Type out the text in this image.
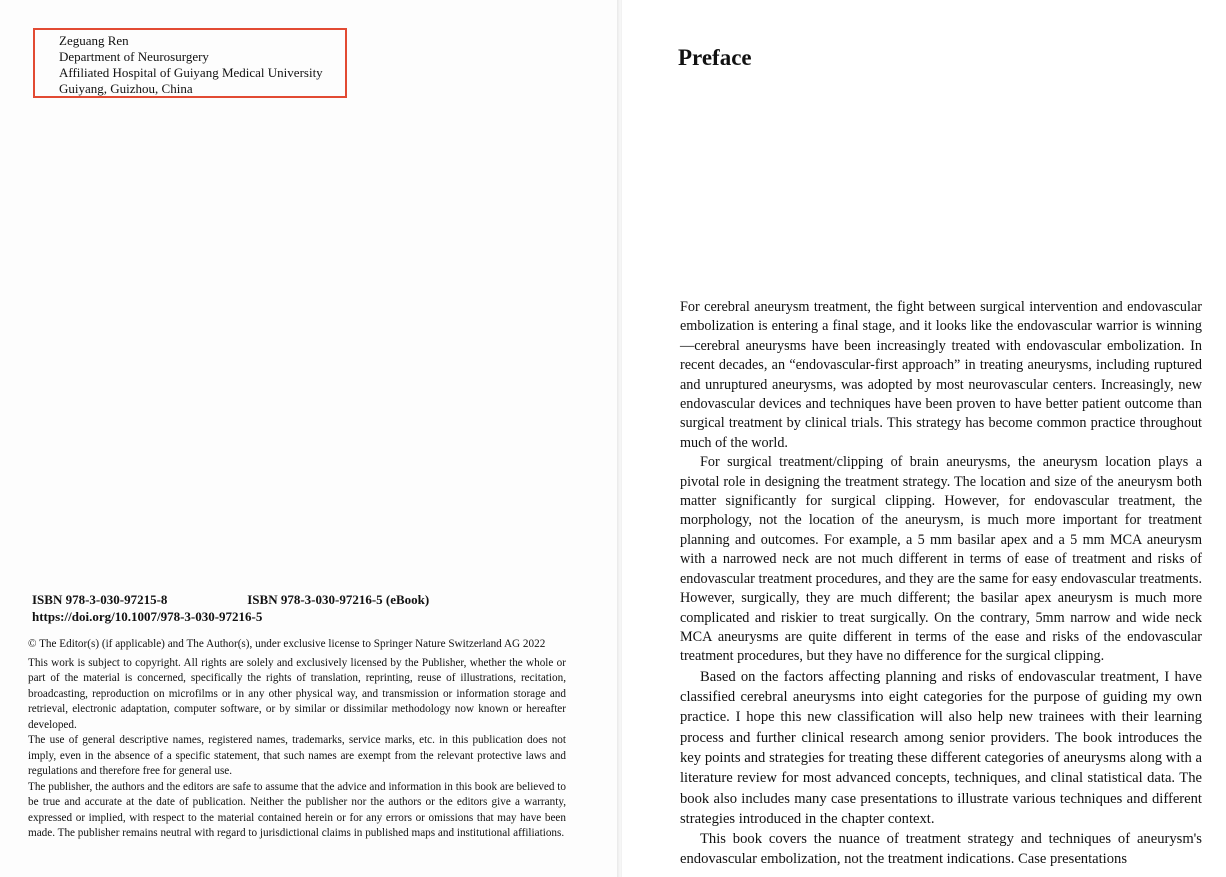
Zeguang Ren
Department of Neurosurgery
Affiliated Hospital of Guiyang Medical University
Guiyang, Guizhou, China
ISBN 978-3-030-97215-8	ISBN 978-3-030-97216-5 (eBook)
https://doi.org/10.1007/978-3-030-97216-5

© The Editor(s) (if applicable) and The Author(s), under exclusive license to Springer Nature Switzerland AG 2022

This work is subject to copyright. All rights are solely and exclusively licensed by the Publisher, whether the whole or part of the material is concerned, specifically the rights of translation, reprinting, reuse of illustrations, recitation, broadcasting, reproduction on microfilms or in any other physical way, and transmission or information storage and retrieval, electronic adaptation, computer software, or by similar or dissimilar methodology now known or hereafter developed.

The use of general descriptive names, registered names, trademarks, service marks, etc. in this publication does not imply, even in the absence of a specific statement, that such names are exempt from the relevant protective laws and regulations and therefore free for general use.

The publisher, the authors and the editors are safe to assume that the advice and information in this book are believed to be true and accurate at the date of publication. Neither the publisher nor the authors or the editors give a warranty, expressed or implied, with respect to the material contained herein or for any errors or omissions that may have been made. The publisher remains neutral with regard to jurisdictional claims in published maps and institutional affiliations.

Preface

For cerebral aneurysm treatment, the fight between surgical intervention and endovascular embolization is entering a final stage, and it looks like the endovascular warrior is winning—cerebral aneurysms have been increasingly treated with endovascular embolization. In recent decades, an “endovascular-first approach” in treating aneurysms, including ruptured and unruptured aneurysms, was adopted by most neurovascular centers. Increasingly, new endovascular devices and techniques have been proven to have better patient outcome than surgical treatment by clinical trials. This strategy has become common practice throughout much of the world.

For surgical treatment/clipping of brain aneurysms, the aneurysm location plays a pivotal role in designing the treatment strategy. The location and size of the aneurysm both matter significantly for surgical clipping. However, for endovascular treatment, the morphology, not the location of the aneurysm, is much more important for treatment planning and outcomes. For example, a 5 mm basilar apex and a 5 mm MCA aneurysm with a narrowed neck are not much different in terms of ease of treatment and risks of endovascular treatment procedures, and they are the same for easy endovascular treatments. However, surgically, they are much different; the basilar apex aneurysm is much more complicated and riskier to treat surgically. On the contrary, 5mm narrow and wide neck MCA aneurysms are quite different in terms of the ease and risks of the endovascular treatment procedures, but they have no difference for the surgical clipping.

Based on the factors affecting planning and risks of endovascular treatment, I have classified cerebral aneurysms into eight categories for the purpose of guiding my own practice. I hope this new classification will also help new trainees with their learning process and further clinical research among senior providers. The book introduces the key points and strategies for treating these different categories of aneurysms along with a literature review for most advanced concepts, techniques, and clinal statistical data. The book also includes many case presentations to illustrate various techniques and different strategies introduced in the chapter context.

This book covers the nuance of treatment strategy and techniques of aneurysm's endovascular embolization, not the treatment indications. Case presentations
